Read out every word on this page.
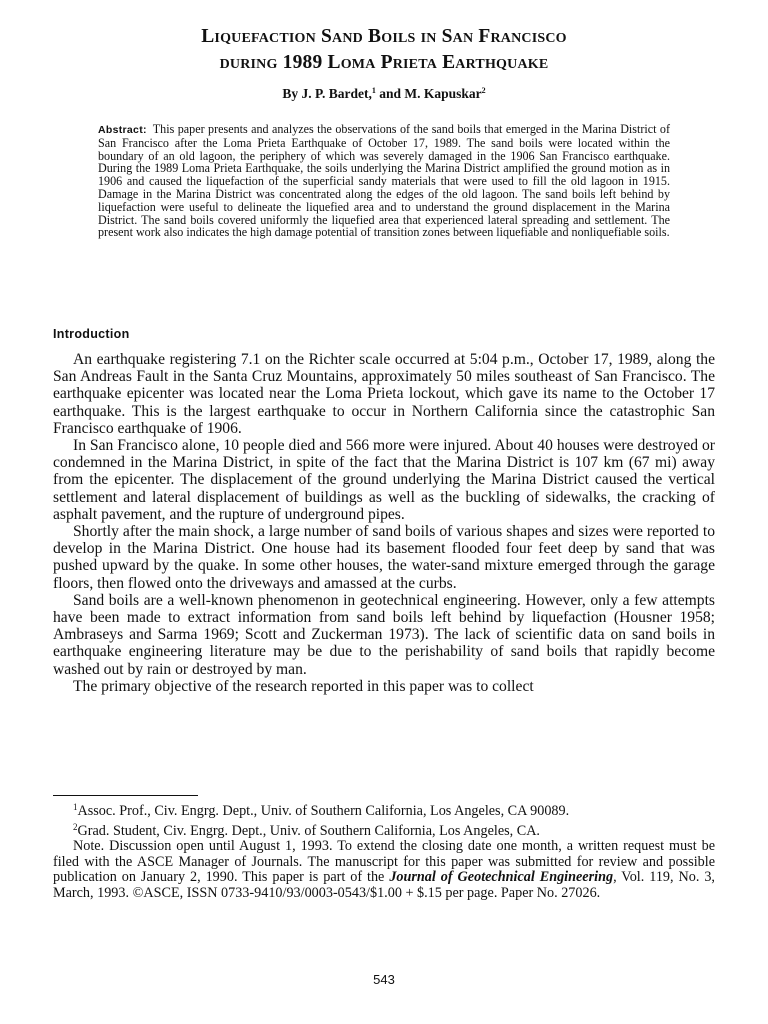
Liquefaction Sand Boils in San Francisco
during 1989 Loma Prieta Earthquake
By J. P. Bardet,$^1$ and M. Kapuskar$^2$
Abstract: This paper presents and analyzes the observations of the sand boils that emerged in the Marina District of San Francisco after the Loma Prieta Earthquake of October 17, 1989. The sand boils were located within the boundary of an old lagoon, the periphery of which was severely damaged in the 1906 San Francisco earthquake. During the 1989 Loma Prieta Earthquake, the soils underlying the Marina District amplified the ground motion as in 1906 and caused the liquefaction of the superficial sandy materials that were used to fill the old lagoon in 1915. Damage in the Marina District was concentrated along the edges of the old lagoon. The sand boils left behind by liquefaction were useful to delineate the liquefied area and to understand the ground displacement in the Marina District. The sand boils covered uniformly the liquefied area that experienced lateral spreading and settlement. The present work also indicates the high damage potential of transition zones between liquefiable and nonliquefiable soils.
Introduction

An earthquake registering 7.1 on the Richter scale occurred at 5:04 p.m., October 17, 1989, along the San Andreas Fault in the Santa Cruz Mountains, approximately 50 miles southeast of San Francisco. The earthquake epicenter was located near the Loma Prieta lockout, which gave its name to the October 17 earthquake. This is the largest earthquake to occur in Northern California since the catastrophic San Francisco earthquake of 1906.

In San Francisco alone, 10 people died and 566 more were injured. About 40 houses were destroyed or condemned in the Marina District, in spite of the fact that the Marina District is 107 km (67 mi) away from the epicenter. The displacement of the ground underlying the Marina District caused the vertical settlement and lateral displacement of buildings as well as the buckling of sidewalks, the cracking of asphalt pavement, and the rupture of underground pipes.

Shortly after the main shock, a large number of sand boils of various shapes and sizes were reported to develop in the Marina District. One house had its basement flooded four feet deep by sand that was pushed upward by the quake. In some other houses, the water-sand mixture emerged through the garage floors, then flowed onto the driveways and amassed at the curbs.

Sand boils are a well-known phenomenon in geotechnical engineering. However, only a few attempts have been made to extract information from sand boils left behind by liquefaction (Housner 1958; Ambraseys and Sarma 1969; Scott and Zuckerman 1973). The lack of scientific data on sand boils in earthquake engineering literature may be due to the perishability of sand boils that rapidly become washed out by rain or destroyed by man.

The primary objective of the research reported in this paper was to collect

$^1$Assoc. Prof., Civ. Engrg. Dept., Univ. of Southern California, Los Angeles, CA 90089.

$^2$Grad. Student, Civ. Engrg. Dept., Univ. of Southern California, Los Angeles, CA.

Note. Discussion open until August 1, 1993. To extend the closing date one month, a written request must be filed with the ASCE Manager of Journals. The manuscript for this paper was submitted for review and possible publication on January 2, 1990. This paper is part of the Journal of Geotechnical Engineering, Vol. 119, No. 3, March, 1993. ©ASCE, ISSN 0733-9410/93/0003-0543/$1.00 + $.15 per page. Paper No. 27026.

543
